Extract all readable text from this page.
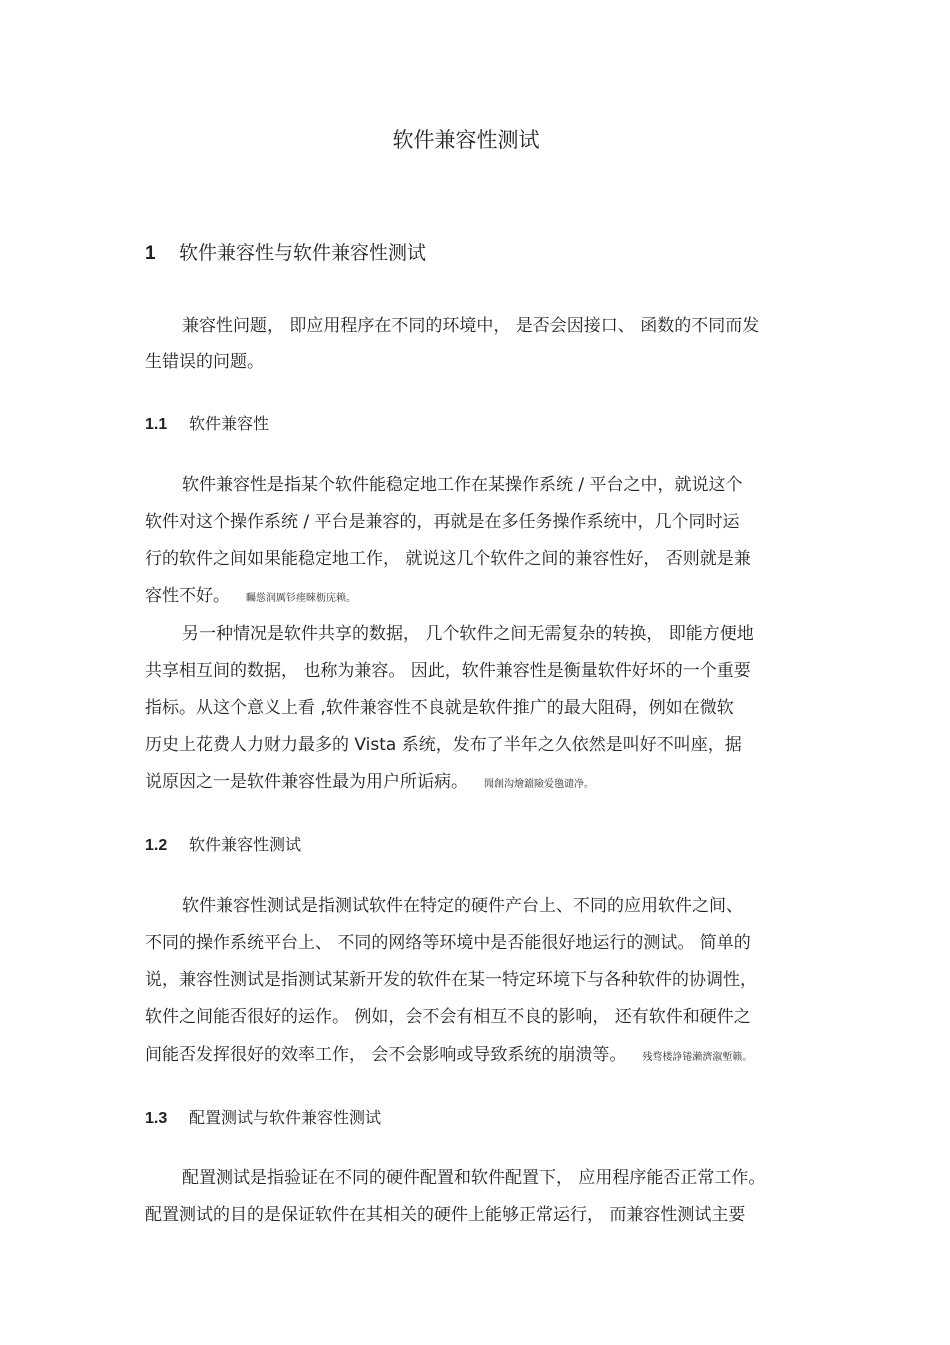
软件兼容性测试
1 软件兼容性与软件兼容性测试
兼容性问题， 即应用程序在不同的环境中， 是否会因接口、 函数的不同而发
生错误的问题。
1.1 软件兼容性
软件兼容性是指某个软件能稳定地工作在某操作系统 / 平台之中，就说这个
软件对这个操作系统 / 平台是兼容的，再就是在多任务操作系统中，几个同时运
行的软件之间如果能稳定地工作， 就说这几个软件之间的兼容性好， 否则就是兼
容性不好。 矚慫润厲钐瘗睞枥庑赖。
另一种情况是软件共享的数据， 几个软件之间无需复杂的转换， 即能方便地
共享相互间的数据， 也称为兼容。 因此，软件兼容性是衡量软件好坏的一个重要
指标。从这个意义上看 ,软件兼容性不良就是软件推广的最大阻碍，例如在微软
历史上花费人力财力最多的 Vista 系统，发布了半年之久依然是叫好不叫座，据
说原因之一是软件兼容性最为用户所诟病。 聞創沟燴鐺險爱氇谴净。
1.2 软件兼容性测试
软件兼容性测试是指测试软件在特定的硬件产台上、不同的应用软件之间、
不同的操作系统平台上、 不同的网络等环境中是否能很好地运行的测试。 简单的
说，兼容性测试是指测试某新开发的软件在某一特定环境下与各种软件的协调性，
软件之间能否很好的运作。 例如，会不会有相互不良的影响， 还有软件和硬件之
间能否发挥很好的效率工作， 会不会影响或导致系统的崩溃等。 残骛楼諍锩瀨濟溆塹籟。
1.3 配置测试与软件兼容性测试
配置测试是指验证在不同的硬件配置和软件配置下， 应用程序能否正常工作。
配置测试的目的是保证软件在其相关的硬件上能够正常运行， 而兼容性测试主要
